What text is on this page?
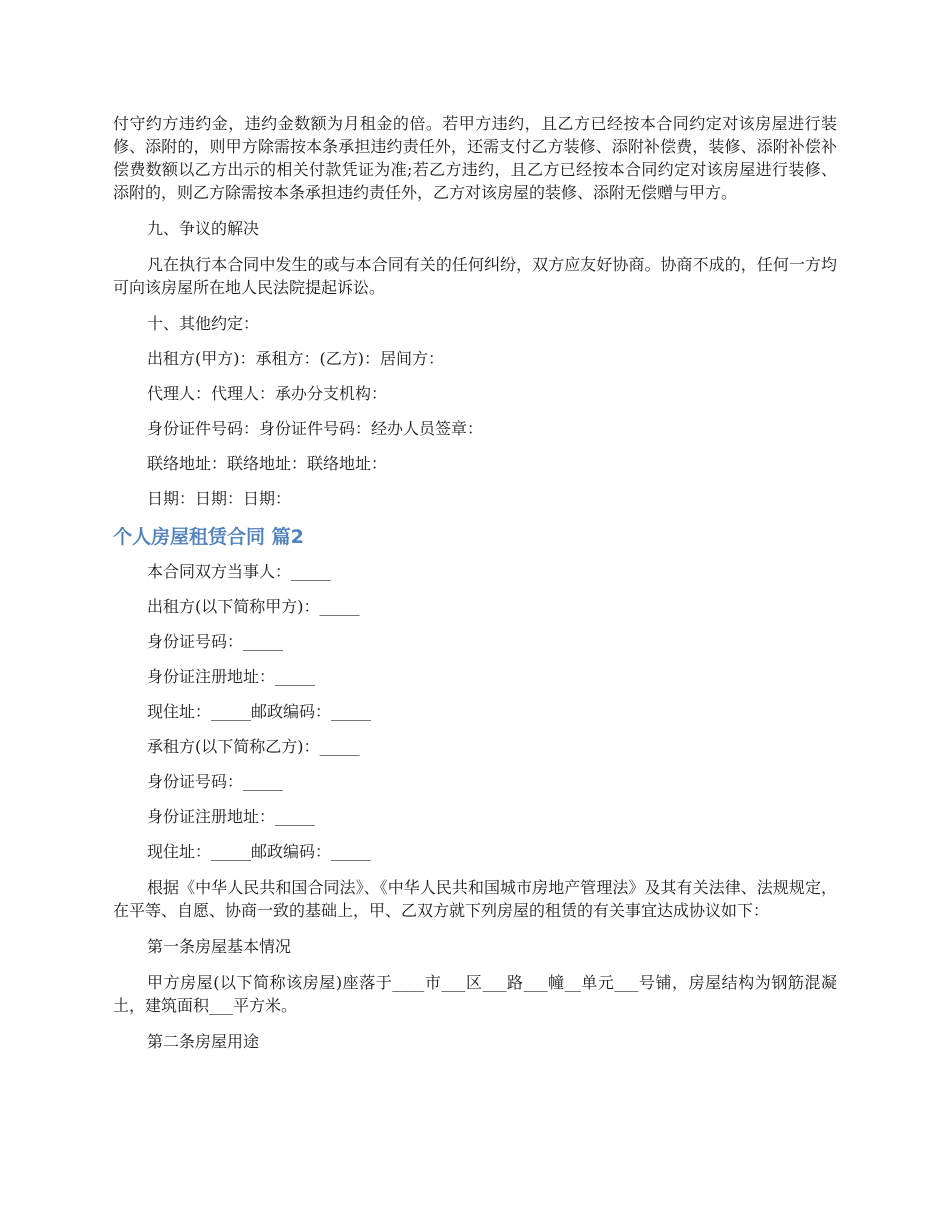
付守约方违约金，违约金数额为月租金的倍。若甲方违约，且乙方已经按本合同约定对该房屋进行装修、添附的，则甲方除需按本条承担违约责任外，还需支付乙方装修、添附补偿费，装修、添附补偿补偿费数额以乙方出示的相关付款凭证为准;若乙方违约，且乙方已经按本合同约定对该房屋进行装修、添附的，则乙方除需按本条承担违约责任外，乙方对该房屋的装修、添附无偿赠与甲方。

九、争议的解决

凡在执行本合同中发生的或与本合同有关的任何纠纷，双方应友好协商。协商不成的，任何一方均可向该房屋所在地人民法院提起诉讼。

十、其他约定：

出租方(甲方)：承租方：(乙方)：居间方：

代理人：代理人：承办分支机构：

身份证件号码：身份证件号码：经办人员签章：

联络地址：联络地址：联络地址：

日期：日期：日期：

个人房屋租赁合同 篇2

本合同双方当事人：_____

出租方(以下简称甲方)：_____

身份证号码：_____

身份证注册地址：_____

现住址：_____邮政编码：_____

承租方(以下简称乙方)：_____

身份证号码：_____

身份证注册地址：_____

现住址：_____邮政编码：_____

根据《中华人民共和国合同法》、《中华人民共和国城市房地产管理法》及其有关法律、法规规定，在平等、自愿、协商一致的基础上，甲、乙双方就下列房屋的租赁的有关事宜达成协议如下：

第一条房屋基本情况

甲方房屋(以下简称该房屋)座落于____市___区___路___幢__单元___号铺，房屋结构为钢筋混凝土，建筑面积___平方米。

第二条房屋用途
